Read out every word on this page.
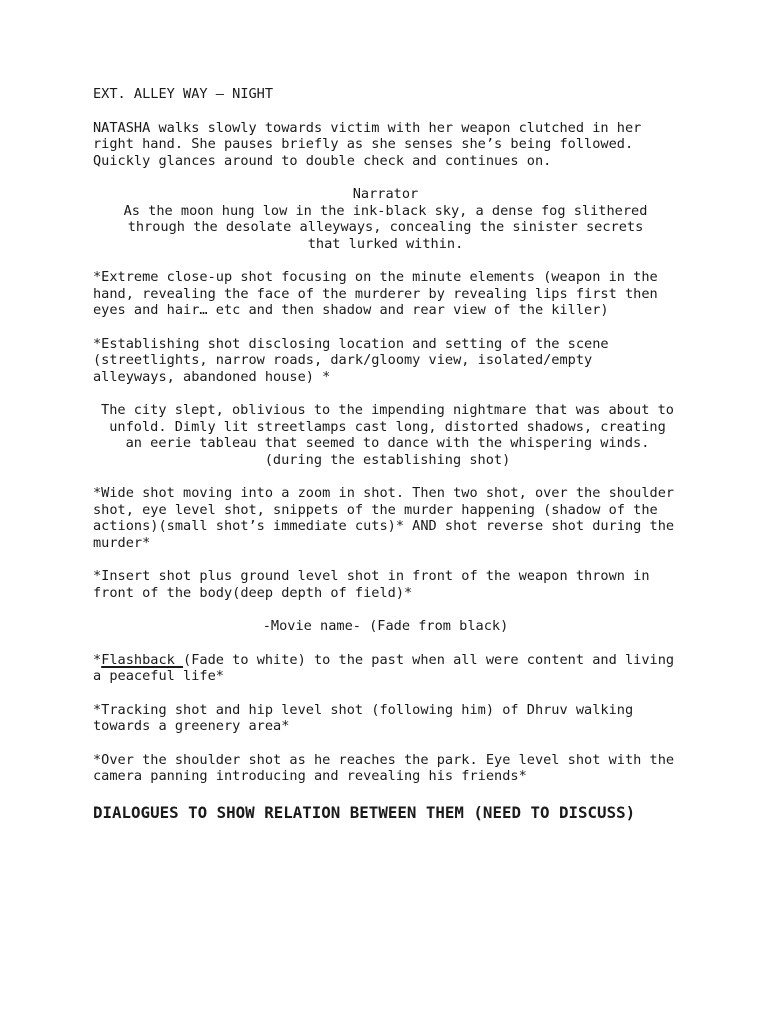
EXT. ALLEY WAY – NIGHT

NATASHA walks slowly towards victim with her weapon clutched in her right hand. She pauses briefly as she senses she’s being followed. Quickly glances around to double check and continues on.

Narrator

As the moon hung low in the ink-black sky, a dense fog slithered through the desolate alleyways, concealing the sinister secrets that lurked within.

*Extreme close-up shot focusing on the minute elements (weapon in the hand, revealing the face of the murderer by revealing lips first then eyes and hair… etc and then shadow and rear view of the killer)

*Establishing shot disclosing location and setting of the scene (streetlights, narrow roads, dark/gloomy view, isolated/empty alleyways, abandoned house) *

The city slept, oblivious to the impending nightmare that was about to unfold. Dimly lit streetlamps cast long, distorted shadows, creating an eerie tableau that seemed to dance with the whispering winds. (during the establishing shot)

*Wide shot moving into a zoom in shot. Then two shot, over the shoulder shot, eye level shot, snippets of the murder happening (shadow of the actions)(small shot’s immediate cuts)* AND shot reverse shot during the murder*

*Insert shot plus ground level shot in front of the weapon thrown in front of the body(deep depth of field)*

-Movie name- (Fade from black)

*Flashback (Fade to white) to the past when all were content and living a peaceful life*

*Tracking shot and hip level shot (following him) of Dhruv walking towards a greenery area*

*Over the shoulder shot as he reaches the park. Eye level shot with the camera panning introducing and revealing his friends*

DIALOGUES TO SHOW RELATION BETWEEN THEM (NEED TO DISCUSS)
